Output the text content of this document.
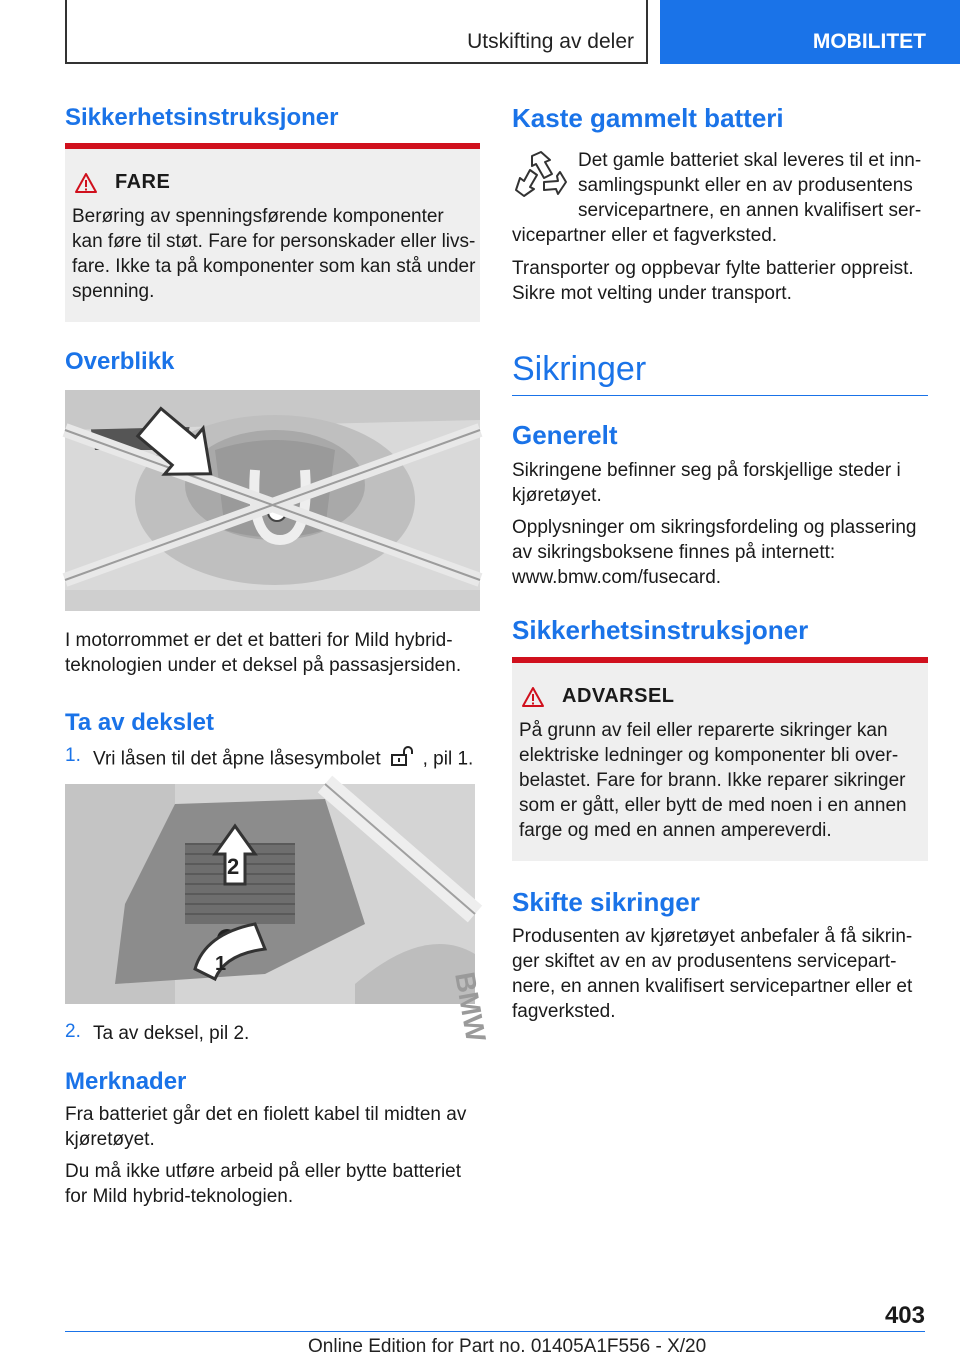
Utskifting av deler	MOBILITET
Sikkerhetsinstruksjoner
FARE

Berøring av spenningsførende komponenter kan føre til støt. Fare for personskader eller livs-fare. Ikke ta på komponenter som kan stå under spenning.

Overblikk

I motorrommet er det et batteri for Mild hybrid-teknologien under et deksel på passasjersiden.

Ta av dekslet
1. Vri låsen til det åpne låsesymbolet , pil 1.

BMW
2
1
2. Ta av deksel, pil 2.

Merknader

Fra batteriet går det en fiolett kabel til midten av kjøretøyet.

Du må ikke utføre arbeid på eller bytte batteriet for Mild hybrid-teknologien.

Kaste gammelt batteri

Det gamle batteriet skal leveres til et inn-samlingspunkt eller en av produsentens servicepartnere, en annen kvalifisert ser-vicepartner eller et fagverksted.

Transporter og oppbevar fylte batterier oppreist. Sikre mot velting under transport.

Sikringer
Generelt

Sikringene befinner seg på forskjellige steder i kjøretøyet.

Opplysninger om sikringsfordeling og plassering av sikringsboksene finnes på internett: www.bmw.com/fusecard.

Sikkerhetsinstruksjoner
ADVARSEL

På grunn av feil eller reparerte sikringer kan elektriske ledninger og komponenter bli over-belastet. Fare for brann. Ikke reparer sikringer som er gått, eller bytt de med noen i en annen farge og med en annen ampereverdi.

Skifte sikringer

Produsenten av kjøretøyet anbefaler å få sikrin-ger skiftet av en av produsentens servicepart-nere, en annen kvalifisert servicepartner eller et fagverksted.

403
Online Edition for Part no. 01405A1F556 - X/20
